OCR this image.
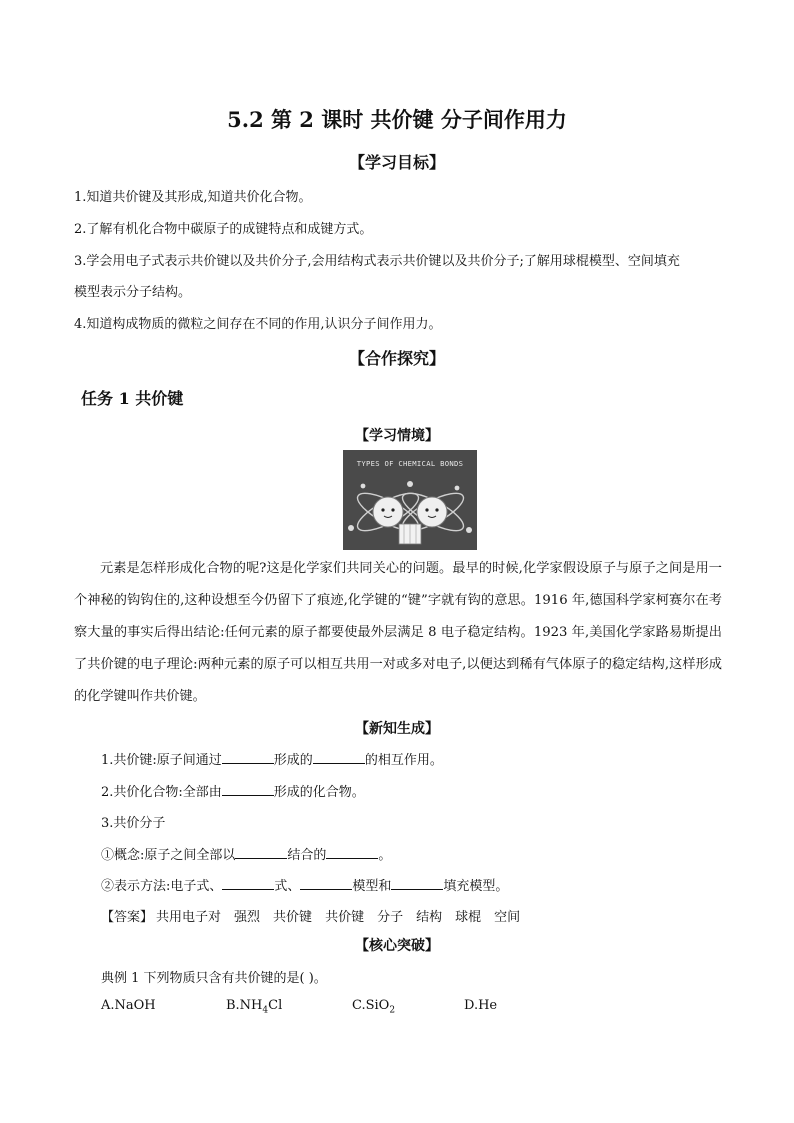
5.2 第 2 课时 共价键 分子间作用力
【学习目标】
1.知道共价键及其形成,知道共价化合物。
2.了解有机化合物中碳原子的成键特点和成键方式。
3.学会用电子式表示共价键以及共价分子,会用结构式表示共价键以及共价分子;了解用球棍模型、空间填充
模型表示分子结构。
4.知道构成物质的微粒之间存在不同的作用,认识分子间作用力。
【合作探究】
任务 1 共价键
【学习情境】
TYPES OF CHEMICAL BONDS
元素是怎样形成化合物的呢?这是化学家们共同关心的问题。最早的时候,化学家假设原子与原子之间是用一个神秘的钩钩住的,这种设想至今仍留下了痕迹,化学键的“键”字就有钩的意思。1916 年,德国科学家柯赛尔在考察大量的事实后得出结论:任何元素的原子都要使最外层满足 8 电子稳定结构。1923 年,美国化学家路易斯提出了共价键的电子理论:两种元素的原子可以相互共用一对或多对电子,以便达到稀有气体原子的稳定结构,这样形成的化学键叫作共价键。
【新知生成】
1.共价键:原子间通过	形成的	的相互作用。
2.共价化合物:全部由	形成的化合物。
3.共价分子
①概念:原子之间全部以	结合的	。
②表示方法:电子式、	式、	模型和	填充模型。
【答案】 共用电子对 强烈 共价键 共价键 分子 结构 球棍 空间
【核心突破】
典例 1 下列物质只含有共价键的是( )。
A.NaOH	$B.NH_4Cl$	C.SiO$_2$	D.He
